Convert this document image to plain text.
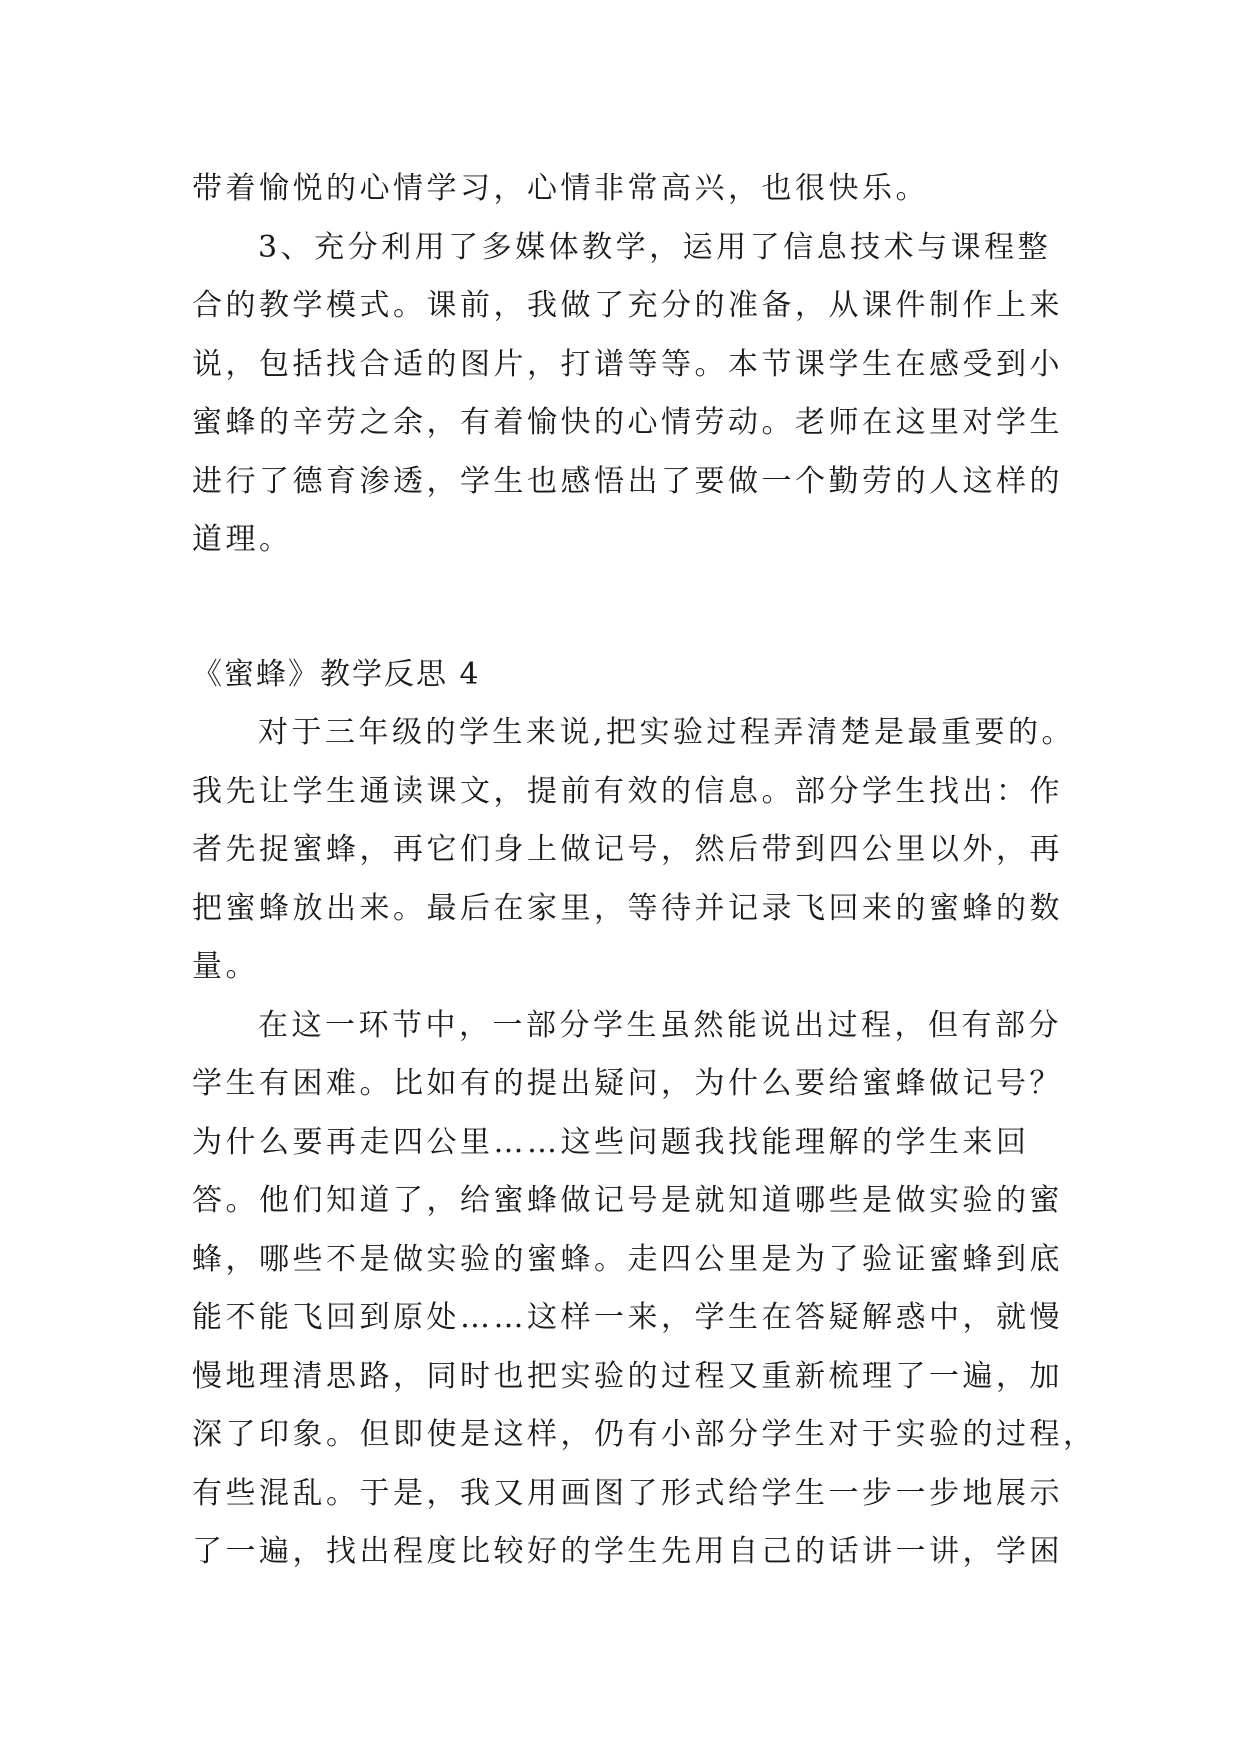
带着愉悦的心情学习，心情非常高兴，也很快乐。
3、充分利用了多媒体教学，运用了信息技术与课程整
合的教学模式。课前，我做了充分的准备，从课件制作上来
说，包括找合适的图片，打谱等等。本节课学生在感受到小
蜜蜂的辛劳之余，有着愉快的心情劳动。老师在这里对学生
进行了德育渗透，学生也感悟出了要做一个勤劳的人这样的
道理。
《蜜蜂》教学反思 4
对于三年级的学生来说,把实验过程弄清楚是最重要的。
我先让学生通读课文，提前有效的信息。部分学生找出：作
者先捉蜜蜂，再它们身上做记号，然后带到四公里以外，再
把蜜蜂放出来。最后在家里，等待并记录飞回来的蜜蜂的数
量。
在这一环节中，一部分学生虽然能说出过程，但有部分
学生有困难。比如有的提出疑问，为什么要给蜜蜂做记号？
为什么要再走四公里……这些问题我找能理解的学生来回
答。他们知道了，给蜜蜂做记号是就知道哪些是做实验的蜜
蜂，哪些不是做实验的蜜蜂。走四公里是为了验证蜜蜂到底
能不能飞回到原处……这样一来，学生在答疑解惑中，就慢
慢地理清思路，同时也把实验的过程又重新梳理了一遍，加
深了印象。但即使是这样，仍有小部分学生对于实验的过程，
有些混乱。于是，我又用画图了形式给学生一步一步地展示
了一遍，找出程度比较好的学生先用自己的话讲一讲，学困
